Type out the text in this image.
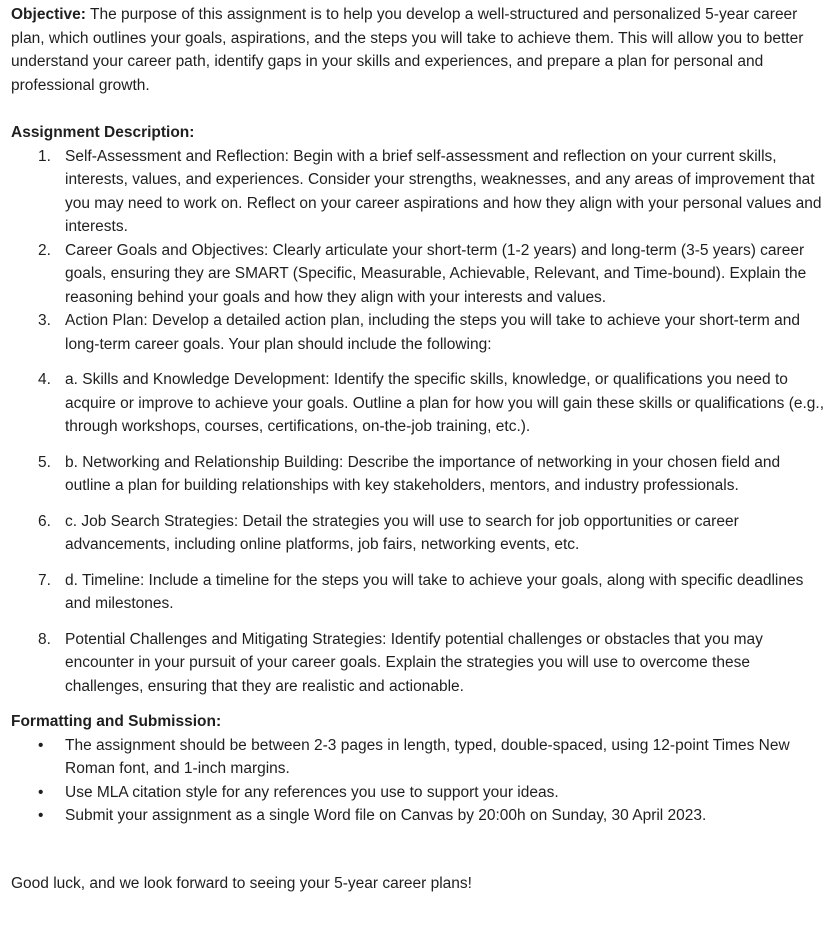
Objective: The purpose of this assignment is to help you develop a well-structured and personalized 5-year career plan, which outlines your goals, aspirations, and the steps you will take to achieve them. This will allow you to better understand your career path, identify gaps in your skills and experiences, and prepare a plan for personal and professional growth.

Assignment Description:

1. Self-Assessment and Reflection: Begin with a brief self-assessment and reflection on your current skills, interests, values, and experiences. Consider your strengths, weaknesses, and any areas of improvement that you may need to work on. Reflect on your career aspirations and how they align with your personal values and interests.
2. Career Goals and Objectives: Clearly articulate your short-term (1-2 years) and long-term (3-5 years) career goals, ensuring they are SMART (Specific, Measurable, Achievable, Relevant, and Time-bound). Explain the reasoning behind your goals and how they align with your interests and values.
3. Action Plan: Develop a detailed action plan, including the steps you will take to achieve your short-term and long-term career goals. Your plan should include the following:
4. a. Skills and Knowledge Development: Identify the specific skills, knowledge, or qualifications you need to acquire or improve to achieve your goals. Outline a plan for how you will gain these skills or qualifications (e.g., through workshops, courses, certifications, on-the-job training, etc.).
5. b. Networking and Relationship Building: Describe the importance of networking in your chosen field and outline a plan for building relationships with key stakeholders, mentors, and industry professionals.
6. c. Job Search Strategies: Detail the strategies you will use to search for job opportunities or career advancements, including online platforms, job fairs, networking events, etc.
7. d. Timeline: Include a timeline for the steps you will take to achieve your goals, along with specific deadlines and milestones.
8. Potential Challenges and Mitigating Strategies: Identify potential challenges or obstacles that you may encounter in your pursuit of your career goals. Explain the strategies you will use to overcome these challenges, ensuring that they are realistic and actionable.

Formatting and Submission:

• The assignment should be between 2-3 pages in length, typed, double-spaced, using 12-point Times New Roman font, and 1-inch margins.
• Use MLA citation style for any references you use to support your ideas.
• Submit your assignment as a single Word file on Canvas by 20:00h on Sunday, 30 April 2023.

Good luck, and we look forward to seeing your 5-year career plans!
